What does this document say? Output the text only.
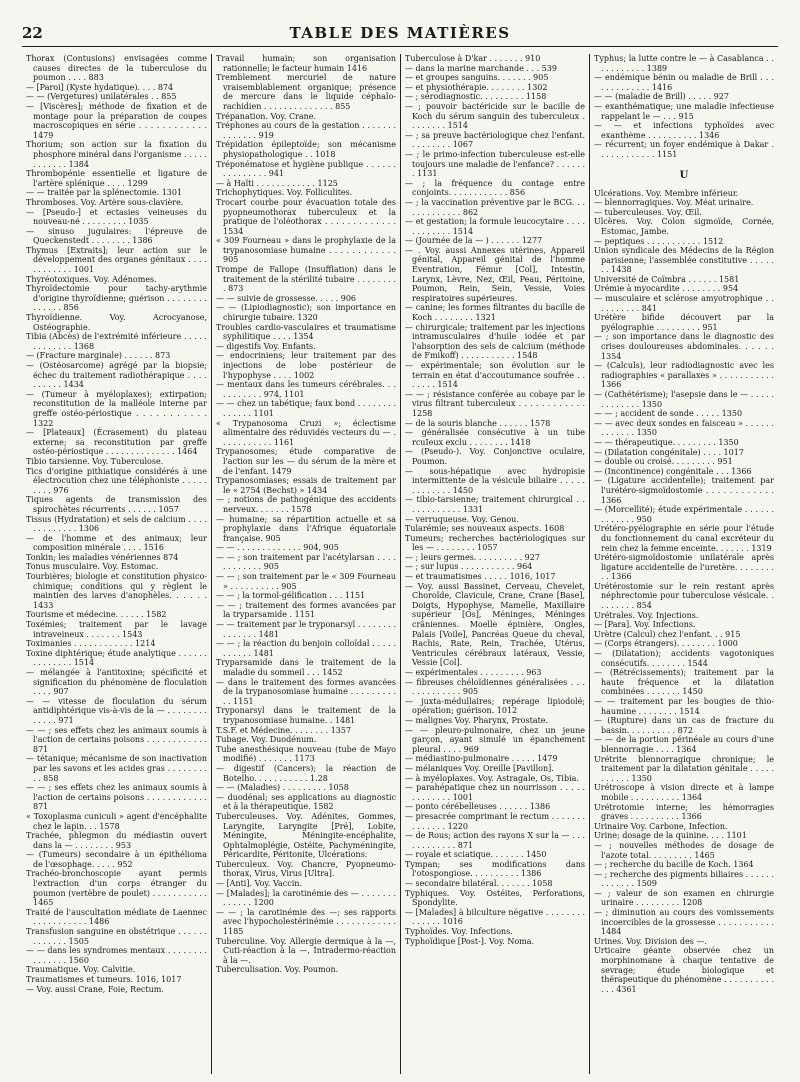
22	TABLE DES MATIÈRES
Thorax (Contusions) envisagées comme causes directes de la tuberculose du poumon . . . . 883
— [Paroi] (Kyste hydatique). . . . 874
— — (Vergetures) unilatérales . . 855
— [Viscères]; méthode de fixation et de montage pour la préparation de coupes macroscopiques en série . . . . . . . . . . . . 1479
Thorium; son action sur la fixation du phosphore minéral dans l'organisme . . . . . . . . . . . . 1384
Thrombopénie essentielle et ligature de l'artère splénique . . . . 1299
— — traitée par la splénectomie. 1301
Thromboses. Voy. Artère sous-clavière.
— [Pseudo-] et ectasies veineuses du nouveau-né . . . . . . . . . 1035
— sinuso jugulaires: l'épreuve de Queckenstedt . . . . . . . . 1386
Thymus [Extraits]; leur action sur le développement des organes génitaux . . . . . . . . . . . . 1001
Thyréotoxiques. Voy. Adénomes.
Thyroïdectomie pour tachy-arythmie d'origine thyroïdienne; guérison . . . . . . . . . . . . . . 856
Thyroïdienne. Voy. Acrocyanose, Ostéographie.
Tibia (Abcès) de l'extrémité inférieure . . . . . . . . . . . . . 1368
— (Fracture marginale) . . . . . . 873
— (Ostéosarcome) agrégé par la biopsie; échec du traitement radiothérapique . . . . . . . . . . 1434
— (Tumeur à myéloplaxes); extirpation; reconstitution de la malléole interne par greffe ostéo-périostique . . . . . . . . . . . 1322
— [Plateaux] (Écrasement) du plateau externe; sa reconstitution par greffe ostéo-périostique . . . . . . . . . . . . . . 1464
Tibio tarsienne. Voy. Tuberculose.
Tics d'origine pithiatique considérés à une électrocution chez une téléphoniste . . . . . . . . . 976
Tiques agents de transmission des spirochètes récurrents . . . . . . 1057
Tissus (Hydratation) et sels de calcium . . . . . . . . . . . . . 1306
— de l'homme et des animaux; leur composition minérale . . . . 1516
Tonkin; les maladies vénériennes 874
Tonus musculaire. Voy. Estomac.
Tourbières; biologie et constitution physico-chimique; conditions qui y règlent le maintien des larves d'anophèles. . . . . . 1433
Tourisme et médecine. . . . . . 1582
Toxémies; traitement par le lavage intraveineux . . . . . . . 1543
Toximanies . . . . . . . . . . . . 1214
Toxine diphtérique; étude analytique . . . . . . . . . . . . . . 1514
— mélangée à l'antitoxine; spécificité et signification du phénomène de floculation . . . . 907
— — vitesse de floculation du sérum antidiphtérique vis-à-vis de la — . . . . . . . . . . . . . 971
— — ; ses effets chez les animaux soumis à l'action de certains poisons . . . . . . . . . . . . 871
— tétanique; mécanisme de son inactivation par les savons et les acides gras . . . . . . . . . . 858
— — ; ses effets chez les animaux soumis à l'action de certains poisons . . . . . . . . . . . . 871
« Toxoplasma cuniculi » agent d'encéphalite chez le lapin. . . 1578
Trachée, phlegmon du médiastin ouvert dans la — . . . . . . . . 953
— (Tumeurs) secondaire à un épithélioma de l'œsophage. . . . . 952
Trachéo-bronchoscopie ayant permis l'extraction d'un corps étranger du poumon (vertèbre de poulet) . . . . . . . . . . . 1465
Traité de l'auscultation médiate de Laennec . . . . . . . . . . . 1486
Transfusion sanguine en obstétrique . . . . . . . . . . . . . 1505
— — dans les syndromes mentaux . . . . . . . . . . . . . . . 1560
Traumatique. Voy. Calvitie.
Traumatismes et tumeurs. 1016, 1017
— Voy. aussi Crane, Foie, Rectum.
Travail humain; son organisation rationnelle; le facteur humain 1416
Tremblement mercuriel de nature vraisemblablement organique; présence de mercure dans le liquide céphalo-rachidien . . . . . . . . . . . . . . 855
Trépanation. Voy. Crane.
Tréphones au cours de la gestation . . . . . . . . . . . . . . 919
Trépidation épileptoïde; son mécanisme physiopathologique . . 1018
Tréponématose et hygiène publique . . . . . . . . . . . . . . . 941
— à Haïti . . . . . . . . . . . . 1125
Trichophytiques. Voy. Folliculites.
Trocart courbe pour évacuation totale des pyopneumothorax tuberculeux et la pratique de l'oléothorax . . . . . . . . . . . . . 1534
« 309 Fourneau » dans le prophylaxie de la trypanosomiase humaine . . . . . . . . . . . . 905
Trompe de Fallope (Insufflation) dans le traitement de la stérilité tubaire . . . . . . . . . 873
— — suivie de grossesse. . . . . 906
— — (Lipiodiagnostic); son importance en chirurgie tubaire. 1320
Troubles cardio-vasculaires et traumatisme syphilitique . . . . 1354
— digestifs Voy. Enfants.
— endocriniens; leur traitement par des injections de lobe postérieur de l'hypophyse . . . . 1002
— mentaux dans les tumeurs cérébrales. . . . . . . . . . . 974, 1101
— — chez un tabétique; faux bond . . . . . . . . . . . . . . 1101
« Trypanosoma Cruzi »; éclectisme alimentaire des réduvidés vecteurs du — . . . . . . . . . . . 1161
Trypanosomes; étude comparative de l'action sur les — du sérum de la mère et de l'enfant. 1479
Trypanosomiases; essais de traitement par le « 2754 (Bechst) » 1434
— ; notions de pathogénique des accidents nerveux. . . . . . . 1578
— humaine; sa répartition actuelle et sa prophylaxie dans l'Afrique équatoriale française. 905
— — . . . . . . . . . . . . . 904, 905
— — ; son traitement par l'acétylarsan . . . . . . . . . . . . 905
— — ; son traitement par le « 309 Fourneau » . . . . . . . . . . 905
— — ; la tormol-gélification . . . 1151
— — ; traitement des formes avancées par la tryparsamide . 1151
— — traitement par le tryponarsyl . . . . . . . . . . . . . . . 1481
— — ; la réaction du benjoin colloïdal . . . . . . . . . . . 1481
Tryparsamide dans le traitement de la maladie du sommeil . . . 1452
— dans le traitement des formes avancées de la trypanosomiase humaine . . . . . . . . . . . 1151
Tryponarsyl dans le traitement de la trypanosomiase humaine. . 1481
T.S.F. et Médecine. . . . . . . . 1357
Tubage. Voy. Duodénum.
Tube anesthésique nouveau (tube de Mayo modifié) . . . . . . . 1173
— digestif (Cancers); la réaction de Botelho. . . . . . . . . . . 1.28
— — (Maladies) . . . . . . . . . 1058
— duodénal; ses applications au diagnostic et à la thérapeutique. 1582
Tuberculeuses. Voy. Adénites, Gommes, Laryngite, Laryngite [Pré], Lobite, Méningite, Méningite-encéphalite, Ophtalmoplégie, Ostéite, Pachyméningite, Péricardite, Péritonite, Ulcérations.
Tuberculeux. Voy. Chancre, Pyopneumo-thorax, Virus, Virus [Ultra].
— [Anti]. Voy. Vaccin.
— [Malades]; la carotinémie des — . . . . . . . . . . . . . 1200
— — ; la carotinémie des —; ses rapports avec l'hypocholestérinémie . . . . . . . . . . . . 1185
Tuberculine. Voy. Allergie dermique à la —, Cuti-réaction à la —, Intradermo-réaction à la —.
Tuberculisation. Voy. Poumon.
Tuberculose à D'kar . . . . . . . 910
— dans la marine marchande . . . 539
— et groupes sanguins. . . . . . . 905
— et physiothérapie. . . . . . . . 1302
— ; sérodiagnostic. . . . . . . . . 1158
— ; pouvoir bactéricide sur le bacille de Koch du sérum sanguin des tuberculeux . . . . . . . . 1514
— ; sa preuve bactériologique chez l'enfant. . . . . . . . . 1067
— ; le primo-infection tuberculeuse est-elle toujours une maladie de l'enfance? . . . . . . . 1131
— ; la fréquence du contage entre conjoints. . . . . . . . . . . . 856
— ; la vaccination préventive par le BCG. . . . . . . . . . . . . 862
— et gestation; la formule leucocytaire . . . . . . . . . . . . 1514
— (Journée de la — ) . . . . . . 1277
— . Voy. aussi Annexes utérines, Appareil génital, Appareil génital de l'homme Éventration, Fémur [Col], Intestin, Larynx, Lèvre, Nez, Œil, Peau, Péritoine, Poumon, Rein, Sein, Vessie, Voies respiratoires supérieures.
— canine; les formes filtrantes du bacille de Koch . . . . . . . . 1321
— chirurgicale; traitement par les injections intramusculaires d'huile iodée et par l'absorption des sels de calcium (méthode de Fmikoff) . . . . . . . . . . . 1548
— expérimentale; son évolution sur le terrain en état d'accoutumance soufrée . . . . . . . 1514
— — ; résistance conférée au cobaye par le virus filtrant tuberculeux . . . . . . . . . . . . 1258
— de la souris blanche . . . . . . 1578
— généralisée consécutive à un tube rcuIeux exclu . . . . . . . . 1418
— (Pseudo-). Voy. Conjonctive oculaire, Poumon.
— sous-hépatique avec hydropisie intermittente de la vésicule biliaire . . . . . . . . . . . . . 1450
— tibio-tarsienne; traitement chirurgical . . . . . . . . . . . . 1331
— verruqueuse. Voy. Genou.
Tularémie; ses nouveaux aspects. 1608
Tumeurs; recherches bactériologiques sur les — . . . . . . . . 1057
— ; leurs germes. . . . . . . . . . 927
— ; sur lupus . . . . . . . . . . . 964
— et traumatismes . . . . . 1016, 1017
— Voy. aussi Bassinet, Cerveau, Chevelet, Choroïde, Clavicule, Crane, Crane [Base], Doigts, Hypophyse, Mamelle, Maxillaire supérieur [Os], Méninges, Méninges crâniennes. Moelle épinière, Ongles, Palais [Voile], Pancréas Queue du cheval, Rachis, Rate, Rein, Trachée, Utérus, Ventricules cérébraux latéraux, Vessie, Vessie [Col].
— expérimentales . . . . . . . . . 963
— fibreuses chéloïdiennes généralisées . . . . . . . . . . . . . 905
— juxta-médullaires; repérage lipiodolé; opération; guérison. 1012
— malignes Voy. Pharynx, Prostate.
— — pleuro-pulmonaire, chez un jeune garçon, ayant simulé un épanchement pleural . . . . 969
— médiastino-pulmonaire . . . . . 1479
— mélaniques Voy. Oreille [Pavillon].
— à myéloplaxes. Voy. Astragale, Os, Tibia.
— parahépatique chez un nourrisson . . . . . . . . . . . . . 1001
— ponto cérébelleuses . . . . . . 1386
— presacrée comprimant le rectum . . . . . . . . . . . . . . 1220
— de Rous; action des rayons X sur la — . . . . . . . . . . . . 871
— royale et sciatique. . . . . . . 1450
Tympan; ses modifications dans l'otospongiose. . . . . . . . . . 1386
— secondaire bilatéral. . . . . . . 1058
Typhiques. Voy. Ostéites, Perforations, Spondylite.
— [Malades] à bilculture négative . . . . . . . . . . . . . . 1016
Typhoïdes. Voy. Infections.
Typhoïdique [Post-]. Voy. Noma.
Typhus; la lutte contre le — à Casablanca . . . . . . . . . . . 1389
— endémique bénin ou maladie de Brill . . . . . . . . . . . . . 1416
— — (maladie de Brill) . . . . . 927
— exanthématique; une maladie infectieuse rappelant le — . . . 915
— — et infections typhoïdes avec exanthème . . . . . . . . . . 1346
— récurrent; un foyer endémique à Dakar . . . . . . . . . . . . 1151
U
Ulcérations. Voy. Membre inférieur.
— blennorragiques. Voy. Méat urinaire.
— tuberculeuses. Voy. Œil.
Ulcères. Voy. Colon sigmoïde, Cornée, Estomac, Jambe.
— peptiques . . . . . . . . . . . 1512
Union syndicale des Médecins de la Région parisienne; l'assemblée constitutive . . . . . . . 1438
Université de Coïmbra . . . . . . 1581
Urémie à myocardite . . . . . . . . 954
— musculaire et sclérose amyotrophique . . . . . . . . . . 841
Urétère bifide découvert par la pyélographie . . . . . . . . . 951
— ; son importance dans le diagnostic des crises douloureuses abdominales. . . . . . 1354
— (Calculs), leur radiodiagnostic avec les radiographies « parallaxes » . . . . . . . . . . . 1366
— (Cathétérisme); l'asepsie dans le — . . . . . . . . . . . . . 1350
— — ; accident de sonde . . . . . 1350
— — avec deux sondes en faisceau » . . . . . . . . . . . . . 1350
— — thérapeutique. . . . . . . . . 1350
— (Dilatation congénitale) . . . . 1017
— double ou croisé. . . . . . . . . 951
— (Incontinence) congénitale . . . 1366
— (Ligature accidentelle); traitement par l'urétéro-sigmoïdostomie . . . . . . . . . . . . 1366
— (Morcellité); étude expérimentale . . . . . . . . . . . . . 950
Urétéro-pyélographie en série pour l'étude du fonctionnement du canal excréteur du rein chez la femme enceinte. . . . . . . 1319
Urétéro-sigmoïdostomie unilatérale après ligature accidentelle de l'uretère. . . . . . . . . . 1366
Urétérostomie sur le rein restant après néphrectomie pour tuberculose vésicale. . . . . . . . . 854
Urétrales. Voy. Injections.
— [Para]. Voy. Infections.
Urètre (Calcul) chez l'enfant. . . 915
— (Corps étrangers). . . . . . . . 1000
— (Dilatation); accidents vagotoniques consécutifs. . . . . . . . 1544
— (Rétrécissements); traitement par la haute fréquence et la dilatation combinées . . . . . . . 1450
— — traitement par les bougies de thio-haumine . . . . . . . . 1514
— (Rupture) dans un cas de fracture du bassin. . . . . . . . . . 872
— — de la portion périnéale au cours d'une blennorragie . . . . 1364
Urétrite blennorragique chronique; le traitement par la dilatation génitale . . . . . . . . . . . 1350
Urétroscope à vision directe et à lampe mobile . . . . . . . . . . 1364
Urétrotomie interne; les hémorragies graves . . . . . . . . . . 1366
Urinaire Voy. Carbone, Infection.
Urine; dosage de la quinine. . . . 1101
— ; nouvelles méthodes de dosage de l'azote total. . . . . . . . . 1465
— ; recherche du bacille de Koch. 1364
— ; recherche des pigments biliaires . . . . . . . . . . . . . 1509
— ; valeur de son examen en chirurgie urinaire . . . . . . . . . 1208
— ; diminution au cours des vomissements incoercibles de la grossesse . . . . . . . . . . . 1484
Urines. Voy. Division des —.
Urticaire géante observée chez un morphinomane à chaque tentative de sevrage; étude biologique et thérapeutique du phénomène . . . . . . . . . . . . . 4361
